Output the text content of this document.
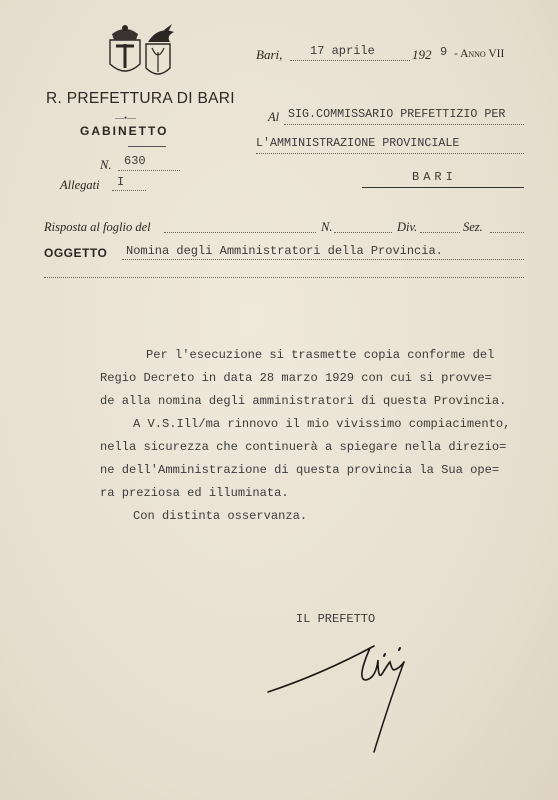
R. PREFETTURA DI BARI
—•—
GABINETTO
N. 630
Allegati I
Bari, 17 aprile	192 9 - Anno VII
Al SIG.COMMISSARIO PREFETTIZIO PER
L'AMMINISTRAZIONE PROVINCIALE
BARI
Risposta al foglio del	N.	Div.	Sez.
OGGETTO Nomina degli Amministratori della Provincia.
Per l'esecuzione si trasmette copia conforme del
Regio Decreto in data 28 marzo 1929 con cui si provve=
de alla nomina degli amministratori di questa Provincia.
A V.S.Ill/ma rinnovo il mio vivissimo compiacimento,
nella sicurezza che continuerà a spiegare nella direzio=
ne dell'Amministrazione di questa provincia la Sua ope=
ra preziosa ed illuminata.
Con distinta osservanza.
IL PREFETTO
